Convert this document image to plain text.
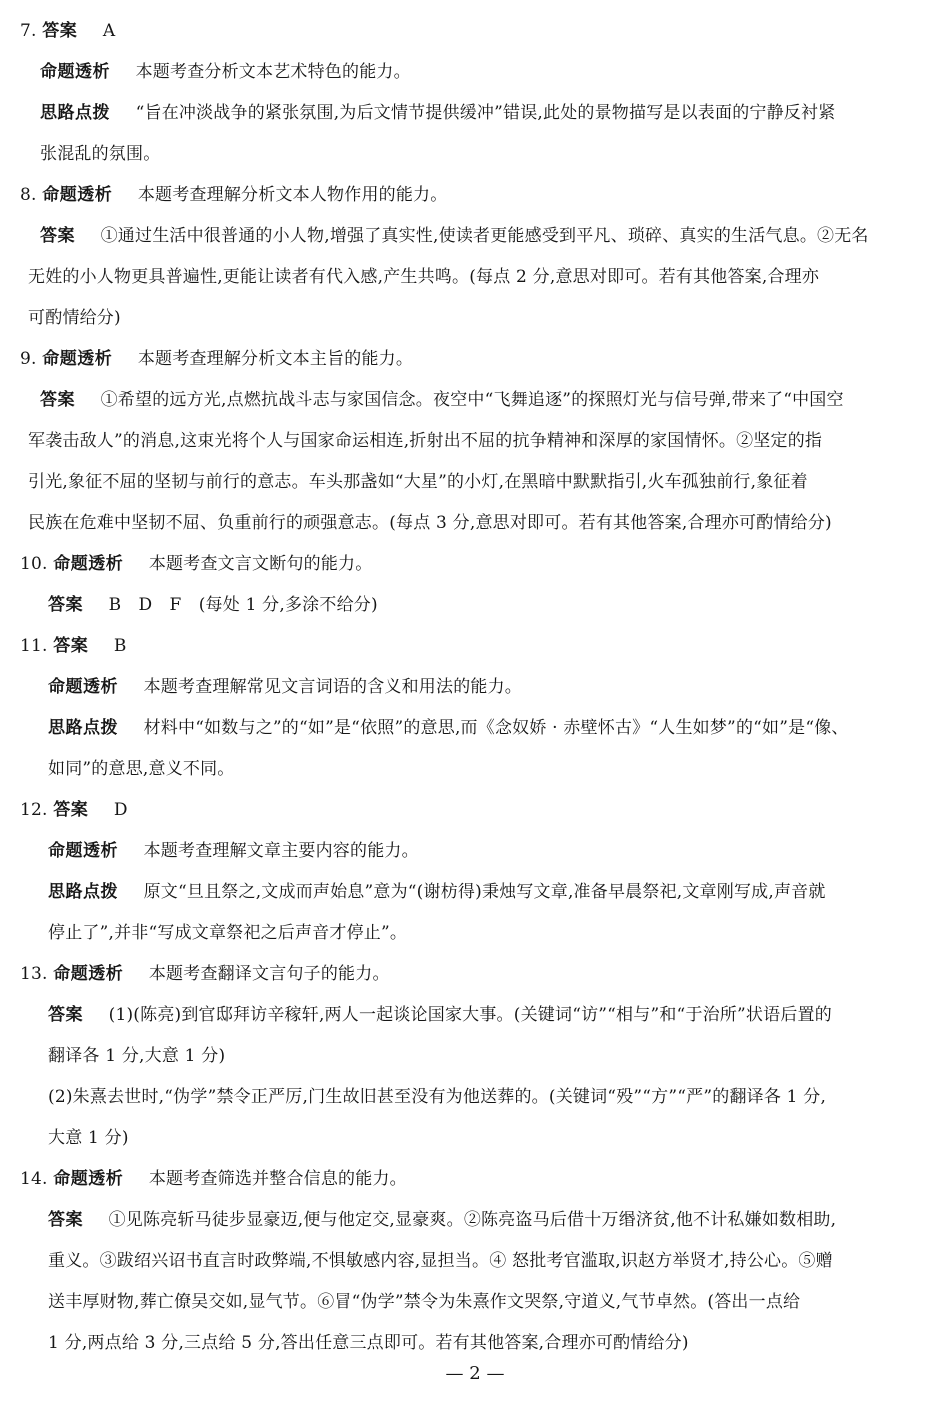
7. 答案 A
命题透析 本题考查分析文本艺术特色的能力。
思路点拨 “旨在冲淡战争的紧张氛围,为后文情节提供缓冲”错误,此处的景物描写是以表面的宁静反衬紧
张混乱的氛围。
8. 命题透析 本题考查理解分析文本人物作用的能力。
答案 ①通过生活中很普通的小人物,增强了真实性,使读者更能感受到平凡、琐碎、真实的生活气息。②无名
无姓的小人物更具普遍性,更能让读者有代入感,产生共鸣。(每点 2 分,意思对即可。若有其他答案,合理亦
可酌情给分)
9. 命题透析 本题考查理解分析文本主旨的能力。
答案 ①希望的远方光,点燃抗战斗志与家国信念。夜空中“飞舞追逐”的探照灯光与信号弹,带来了“中国空
军袭击敌人”的消息,这束光将个人与国家命运相连,折射出不屈的抗争精神和深厚的家国情怀。②坚定的指
引光,象征不屈的坚韧与前行的意志。车头那盏如“大星”的小灯,在黑暗中默默指引,火车孤独前行,象征着
民族在危难中坚韧不屈、负重前行的顽强意志。(每点 3 分,意思对即可。若有其他答案,合理亦可酌情给分)
10. 命题透析 本题考查文言文断句的能力。
答案 B　D　F　(每处 1 分,多涂不给分)
11. 答案 B
命题透析 本题考查理解常见文言词语的含义和用法的能力。
思路点拨 材料中“如数与之”的“如”是“依照”的意思,而《念奴娇 · 赤壁怀古》“人生如梦”的“如”是“像、
如同”的意思,意义不同。
12. 答案 D
命题透析 本题考查理解文章主要内容的能力。
思路点拨 原文“旦且祭之,文成而声始息”意为“(谢枋得)秉烛写文章,准备早晨祭祀,文章刚写成,声音就
停止了”,并非“写成文章祭祀之后声音才停止”。
13. 命题透析 本题考查翻译文言句子的能力。
答案 (1)(陈亮)到官邸拜访辛稼轩,两人一起谈论国家大事。(关键词“访”“相与”和“于治所”状语后置的
翻译各 1 分,大意 1 分)
(2)朱熹去世时,“伪学”禁令正严厉,门生故旧甚至没有为他送葬的。(关键词“殁”“方”“严”的翻译各 1 分,
大意 1 分)
14. 命题透析 本题考查筛选并整合信息的能力。
答案 ①见陈亮斩马徒步显豪迈,便与他定交,显豪爽。②陈亮盗马后借十万缗济贫,他不计私嫌如数相助,
重义。③跋绍兴诏书直言时政弊端,不惧敏感内容,显担当。④ 怒批考官滥取,识赵方举贤才,持公心。⑤赠
送丰厚财物,葬亡僚吴交如,显气节。⑥冒“伪学”禁令为朱熹作文哭祭,守道义,气节卓然。(答出一点给
1 分,两点给 3 分,三点给 5 分,答出任意三点即可。若有其他答案,合理亦可酌情给分)
— 2 —
